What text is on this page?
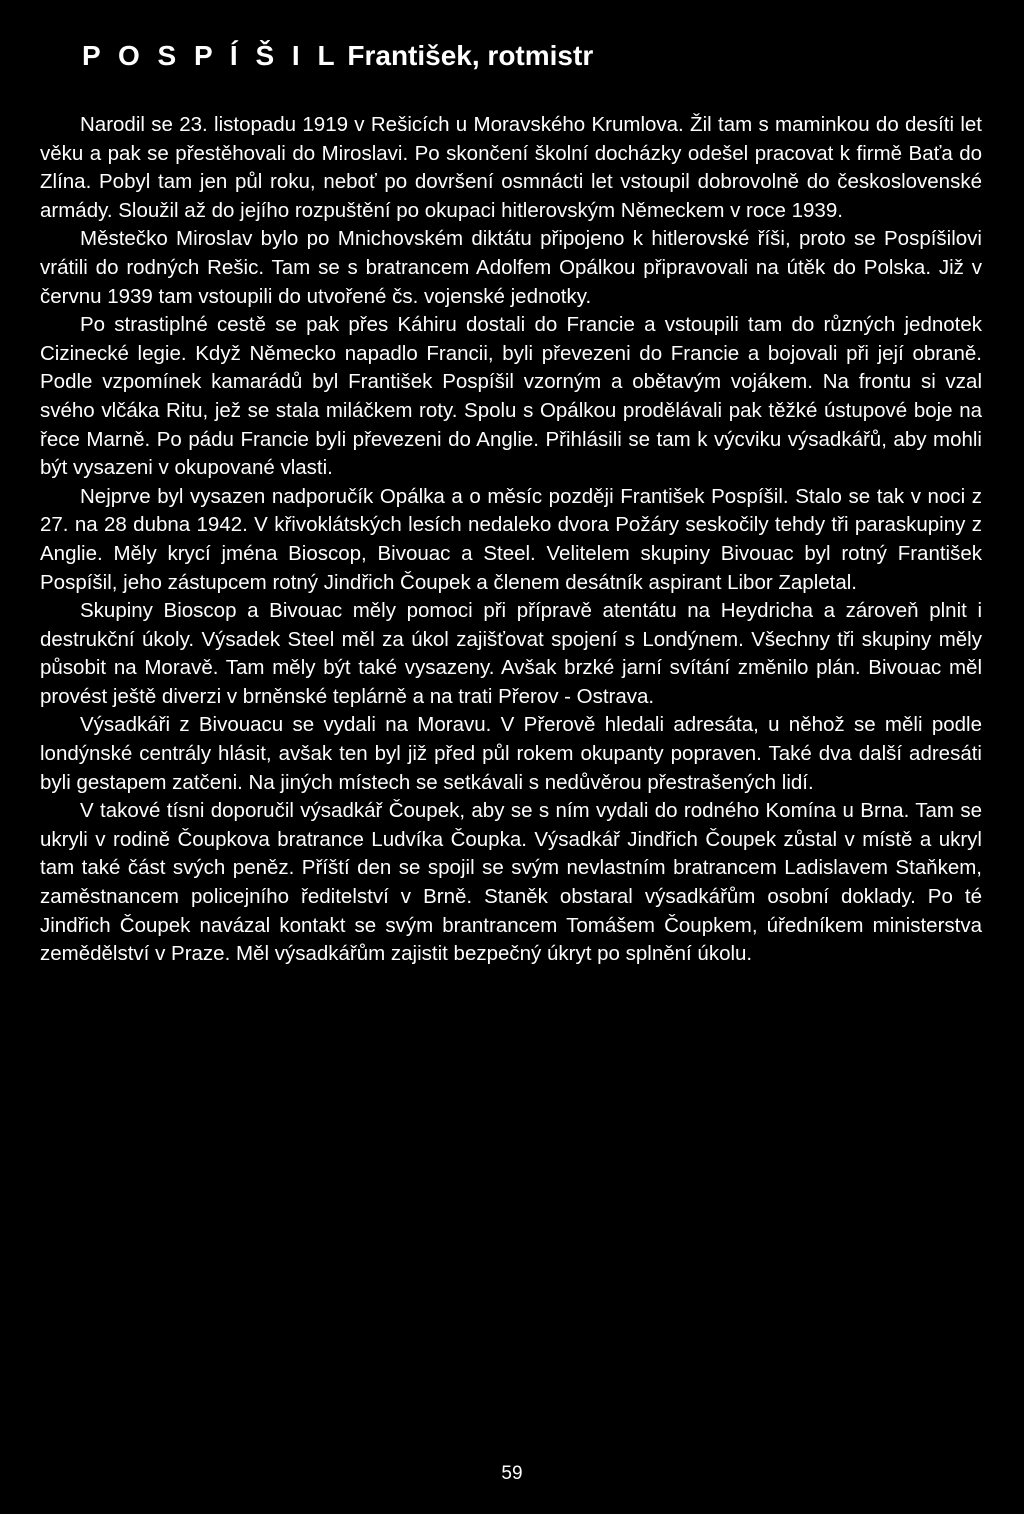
P O S P Í Š I L František, rotmistr

Narodil se 23. listopadu 1919 v Rešicích u Moravského Krumlova. Žil tam s maminkou do desíti let věku a pak se přestěhovali do Miroslavi. Po skončení školní docházky odešel pracovat k firmě Baťa do Zlína. Pobyl tam jen půl roku, neboť po dovršení osmnácti let vstoupil dobrovolně do československé armády. Sloužil až do jejího rozpuštění po okupaci hitlerovským Německem v roce 1939.

Městečko Miroslav bylo po Mnichovském diktátu připojeno k hitlerovské říši, proto se Pospíšilovi vrátili do rodných Rešic. Tam se s bratrancem Adolfem Opálkou připravovali na útěk do Polska. Již v červnu 1939 tam vstoupili do utvořené čs. vojenské jednotky.

Po strastiplné cestě se pak přes Káhiru dostali do Francie a vstoupili tam do různých jednotek Cizinecké legie. Když Německo napadlo Francii, byli převezeni do Francie a bojovali při její obraně. Podle vzpomínek kamarádů byl František Pospíšil vzorným a obětavým vojákem. Na frontu si vzal svého vlčáka Ritu, jež se stala miláčkem roty. Spolu s Opálkou prodělávali pak těžké ústupové boje na řece Marně. Po pádu Francie byli převezeni do Anglie. Přihlásili se tam k výcviku výsadkářů, aby mohli být vysazeni v okupované vlasti.

Nejprve byl vysazen nadporučík Opálka a o měsíc později František Pospíšil. Stalo se tak v noci z 27. na 28 dubna 1942. V křivoklátských lesích nedaleko dvora Požáry seskočily tehdy tři paraskupiny z Anglie. Měly krycí jména Bioscop, Bivouac a Steel. Velitelem skupiny Bivouac byl rotný František Pospíšil, jeho zástupcem rotný Jindřich Čoupek a členem desátník aspirant Libor Zapletal.

Skupiny Bioscop a Bivouac měly pomoci při přípravě atentátu na Heydricha a zároveň plnit i destrukční úkoly. Výsadek Steel měl za úkol zajišťovat spojení s Londýnem. Všechny tři skupiny měly působit na Moravě. Tam měly být také vysazeny. Avšak brzké jarní svítání změnilo plán. Bivouac měl provést ještě diverzi v brněnské teplárně a na trati Přerov - Ostrava.

Výsadkáři z Bivouacu se vydali na Moravu. V Přerově hledali adresáta, u něhož se měli podle londýnské centrály hlásit, avšak ten byl již před půl rokem okupanty popraven. Také dva další adresáti byli gestapem zatčeni. Na jiných místech se setkávali s nedůvěrou přestrašených lidí.

V takové tísni doporučil výsadkář Čoupek, aby se s ním vydali do rodného Komína u Brna. Tam se ukryli v rodině Čoupkova bratrance Ludvíka Čoupka. Výsadkář Jindřich Čoupek zůstal v místě a ukryl tam také část svých peněz. Příští den se spojil se svým nevlastním bratrancem Ladislavem Staňkem, zaměstnancem policejního ředitelství v Brně. Staněk obstaral výsadkářům osobní doklady. Po té Jindřich Čoupek navázal kontakt se svým brantrancem Tomášem Čoupkem, úředníkem ministerstva zemědělství v Praze. Měl výsadkářům zajistit bezpečný úkryt po splnění úkolu.

59
